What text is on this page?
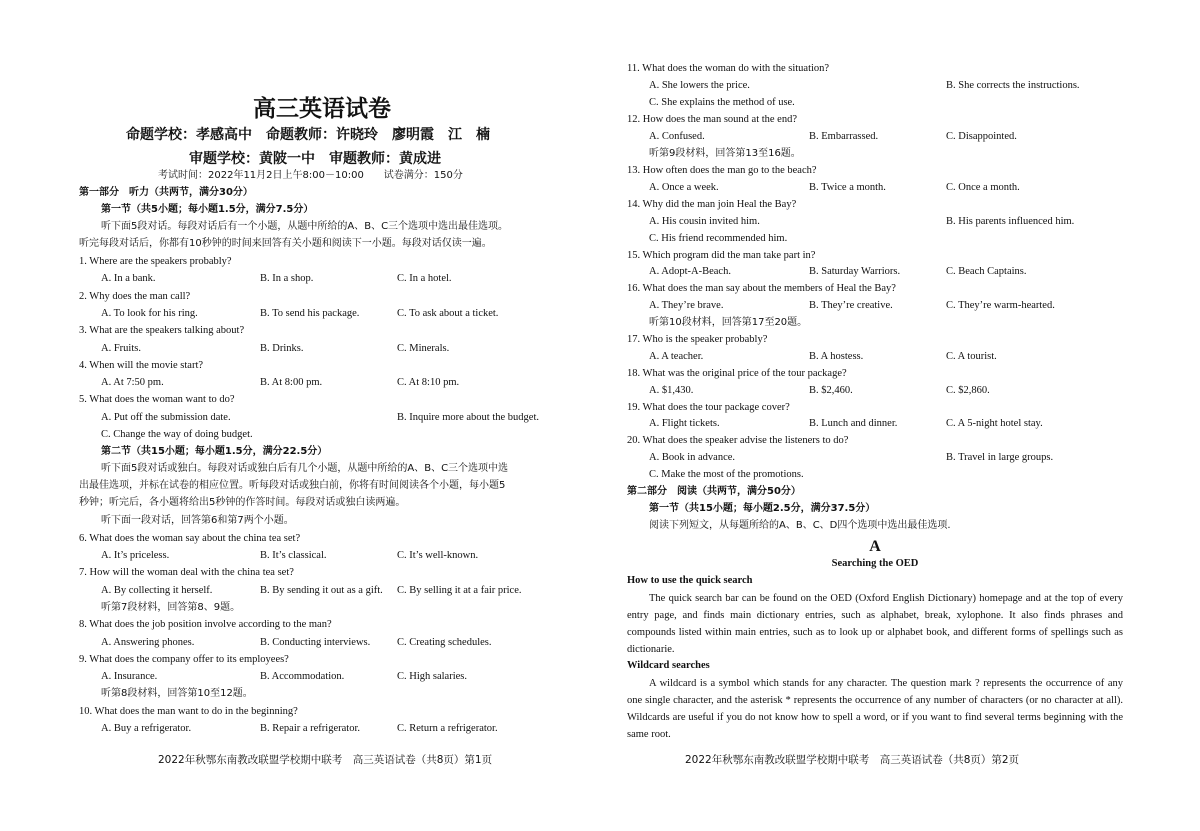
高三英语试卷
命题学校：孝感高中　命题教师：许晓玲　廖明霞　江　楠
审题学校：黄陂一中　审题教师：黄成进
考试时间：2022年11月2日上午8:00－10:00　　试卷满分：150分
第一部分　听力（共两节，满分30分）
第一节（共5小题；每小题1.5分，满分7.5分）
听下面5段对话。每段对话后有一个小题，从题中所给的A、B、C三个选项中选出最佳选项。
听完每段对话后，你都有10秒钟的时间来回答有关小题和阅读下一小题。每段对话仅读一遍。
1. Where are the speakers probably?
A. In a bank.	B. In a shop.	C. In a hotel.
2. Why does the man call?
A. To look for his ring.	B. To send his package.	C. To ask about a ticket.
3. What are the speakers talking about?
A. Fruits.	B. Drinks.	C. Minerals.
4. When will the movie start?
A. At 7:50 pm.	B. At 8:00 pm.	C. At 8:10 pm.
5. What does the woman want to do?
A. Put off the submission date.	B. Inquire more about the budget.
C. Change the way of doing budget.
第二节（共15小题；每小题1.5分，满分22.5分）
听下面5段对话或独白。每段对话或独白后有几个小题，从题中所给的A、B、C三个选项中选
出最佳选项，并标在试卷的相应位置。听每段对话或独白前，你将有时间阅读各个小题，每小题5
秒钟；听完后，各小题将给出5秒钟的作答时间。每段对话或独白读两遍。
听下面一段对话，回答第6和第7两个小题。
6. What does the woman say about the china tea set?
A. It’s priceless.	B. It’s classical.	C. It’s well-known.
7. How will the woman deal with the china tea set?
A. By collecting it herself.	B. By sending it out as a gift. C. By selling it at a fair price.
听第7段材料，回答第8、9题。
8. What does the job position involve according to the man?
A. Answering phones.	B. Conducting interviews.	C. Creating schedules.
9. What does the company offer to its employees?
A. Insurance.	B. Accommodation.	C. High salaries.
听第8段材料，回答第10至12题。
10. What does the man want to do in the beginning?
A. Buy a refrigerator.	B. Repair a refrigerator.	C. Return a refrigerator.
2022年秋鄂东南教改联盟学校期中联考　高三英语试卷（共8页）第1页
11. What does the woman do with the situation?
A. She lowers the price.	B. She corrects the instructions.
C. She explains the method of use.
12. How does the man sound at the end?
A. Confused.	B. Embarrassed.	C. Disappointed.
听第9段材料，回答第13至16题。
13. How often does the man go to the beach?
A. Once a week.	B. Twice a month.	C. Once a month.
14. Why did the man join Heal the Bay?
A. His cousin invited him.	B. His parents influenced him.
C. His friend recommended him.
15. Which program did the man take part in?
A. Adopt-A-Beach.	B. Saturday Warriors.	C. Beach Captains.
16. What does the man say about the members of Heal the Bay?
A. They’re brave.	B. They’re creative.	C. They’re warm-hearted.
听第10段材料，回答第17至20题。
17. Who is the speaker probably?
A. A teacher.	B. A hostess.	C. A tourist.
18. What was the original price of the tour package?
A. $1,430.	B. $2,460.	C. $2,860.
19. What does the tour package cover?
A. Flight tickets.	B. Lunch and dinner.	C. A 5-night hotel stay.
20. What does the speaker advise the listeners to do?
A. Book in advance.	B. Travel in large groups.
C. Make the most of the promotions.
第二部分　阅读（共两节，满分50分）
第一节（共15小题；每小题2.5分，满分37.5分）
阅读下列短文，从每题所给的A、B、C、D四个选项中选出最佳选项.
A
Searching the OED
How to use the quick search
The quick search bar can be found on the OED (Oxford English Dictionary) homepage and at the top of every entry page, and finds main dictionary entries, such as alphabet, break, xylophone. It also finds phrases and compounds listed within main entries, such as to look up or alphabet book, and different forms of spellings such as dictionarie.
Wildcard searches
A wildcard is a symbol which stands for any character. The question mark ? represents the occurrence of any one single character, and the asterisk * represents the occurrence of any number of characters (or no character at all). Wildcards are useful if you do not know how to spell a word, or if you want to find several terms beginning with the same root.
2022年秋鄂东南教改联盟学校期中联考　高三英语试卷（共8页）第2页
